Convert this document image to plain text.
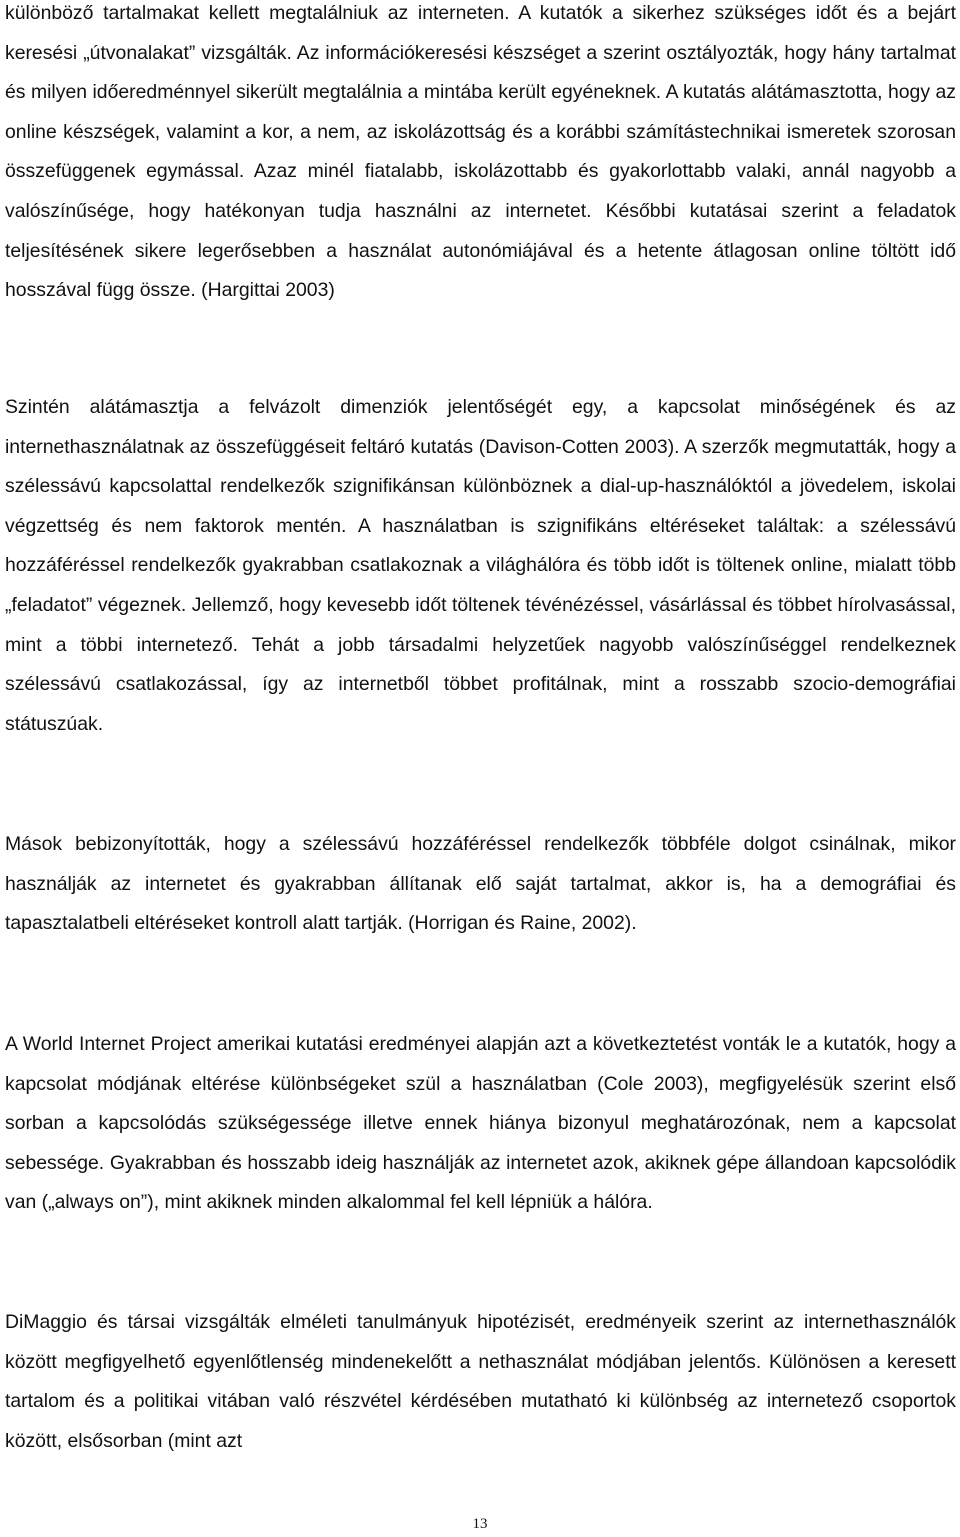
különböző tartalmakat kellett megtalálniuk az interneten. A kutatók a sikerhez szükséges időt és a bejárt keresési „útvonalakat” vizsgálták. Az információkeresési készséget a szerint osztályozták, hogy hány tartalmat és milyen időeredménnyel sikerült megtalálnia a mintába került egyéneknek. A kutatás alátámasztotta, hogy az online készségek, valamint a kor, a nem, az iskolázottság és a korábbi számítástechnikai ismeretek szorosan összefüggenek egymással. Azaz minél fiatalabb, iskolázottabb és gyakorlottabb valaki, annál nagyobb a valószínűsége, hogy hatékonyan tudja használni az internetet. Későbbi kutatásai szerint a feladatok teljesítésének sikere legerősebben a használat autonómiájával és a hetente átlagosan online töltött idő hosszával függ össze. (Hargittai 2003)

Szintén alátámasztja a felvázolt dimenziók jelentőségét egy, a kapcsolat minőségének és az internethasználatnak az összefüggéseit feltáró kutatás (Davison-Cotten 2003). A szerzők megmutatták, hogy a szélessávú kapcsolattal rendelkezők szignifikánsan különböznek a dial-up-használóktól a jövedelem, iskolai végzettség és nem faktorok mentén. A használatban is szignifikáns eltéréseket találtak: a szélessávú hozzáféréssel rendelkezők gyakrabban csatlakoznak a világhálóra és több időt is töltenek online, mialatt több „feladatot” végeznek. Jellemző, hogy kevesebb időt töltenek tévénézéssel, vásárlással és többet hírolvasással, mint a többi internetező. Tehát a jobb társadalmi helyzetűek nagyobb valószínűséggel rendelkeznek szélessávú csatlakozással, így az internetből többet profitálnak, mint a rosszabb szocio-demográfiai státuszúak.

Mások bebizonyították, hogy a szélessávú hozzáféréssel rendelkezők többféle dolgot csinálnak, mikor használják az internetet és gyakrabban állítanak elő saját tartalmat, akkor is, ha a demográfiai és tapasztalatbeli eltéréseket kontroll alatt tartják. (Horrigan és Raine, 2002).

A World Internet Project amerikai kutatási eredményei alapján azt a következtetést vonták le a kutatók, hogy a kapcsolat módjának eltérése különbségeket szül a használatban (Cole 2003), megfigyelésük szerint első sorban a kapcsolódás szükségessége illetve ennek hiánya bizonyul meghatározónak, nem a kapcsolat sebessége. Gyakrabban és hosszabb ideig használják az internetet azok, akiknek gépe állandoan kapcsolódik van („always on”), mint akiknek minden alkalommal fel kell lépniük a hálóra.

DiMaggio és társai vizsgálták elméleti tanulmányuk hipotézisét, eredményeik szerint az internethasználók között megfigyelhető egyenlőtlenség mindenekelőtt a nethasználat módjában jelentős. Különösen a keresett tartalom és a politikai vitában való részvétel kérdésében mutatható ki különbség az internetező csoportok között, elsősorban (mint azt

13
